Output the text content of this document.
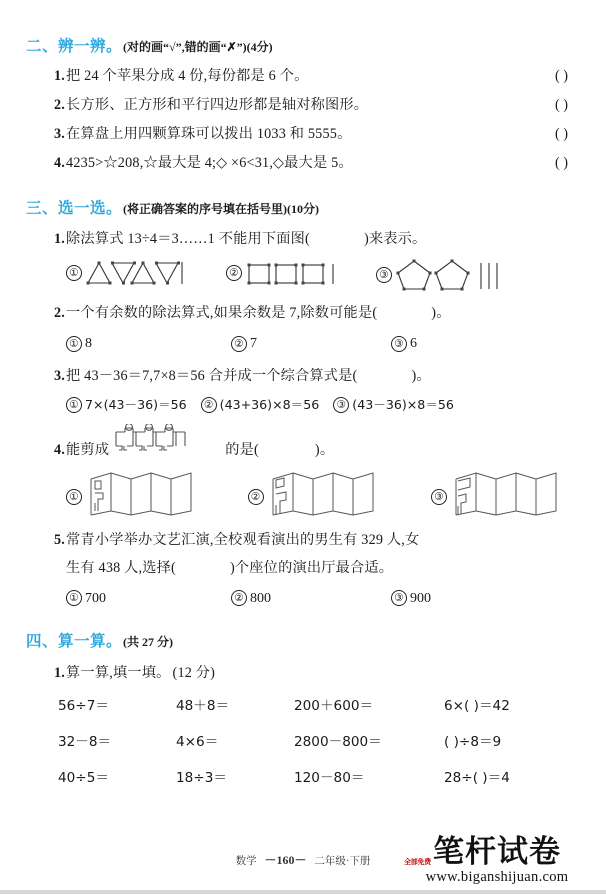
二、辨一辨。 (对的画“√”,错的画“✗”)(4分)
1.把 24 个苹果分成 4 份,每份都是 6 个。	( )
2.长方形、正方形和平行四边形都是轴对称图形。	( )
3.在算盘上用四颗算珠可以拨出 1033 和 5555。	( )
4.4235>☆208,☆最大是 4;◇ ×6<31,◇最大是 5。	( )
三、选一选。 (将正确答案的序号填在括号里)(10分)
1. 除法算式 13÷4＝3……1 不能用下面图(	)来表示。
①	②	③
2. 一个有余数的除法算式,如果余数是 7,除数可能是(	)。
① 8	② 7	③ 6
3. 把 43－36＝7,7×8＝56 合并成一个综合算式是(	)。
① 7×(43－36)＝56	② (43+36)×8＝56	③ (43－36)×8＝56
4. 能剪成	的是(	)。
①	②	③
5. 常青小学举办文艺汇演,全校观看演出的男生有 329 人,女
生有 438 人,选择(	)个座位的演出厅最合适。
① 700	② 800	③ 900
四、算一算。 (共 27 分)
1. 算一算,填一填。 (12 分)
56÷7＝	48＋8＝	200＋600＝	6×( )＝42
32－8＝	4×6＝	2800－800＝	( )÷8＝9
40÷5＝	18÷3＝	120－80＝	28÷( )＝4
数学 －160－ 二年级·下册	全部免费 笔杆试卷
www.biganshijuan.com
